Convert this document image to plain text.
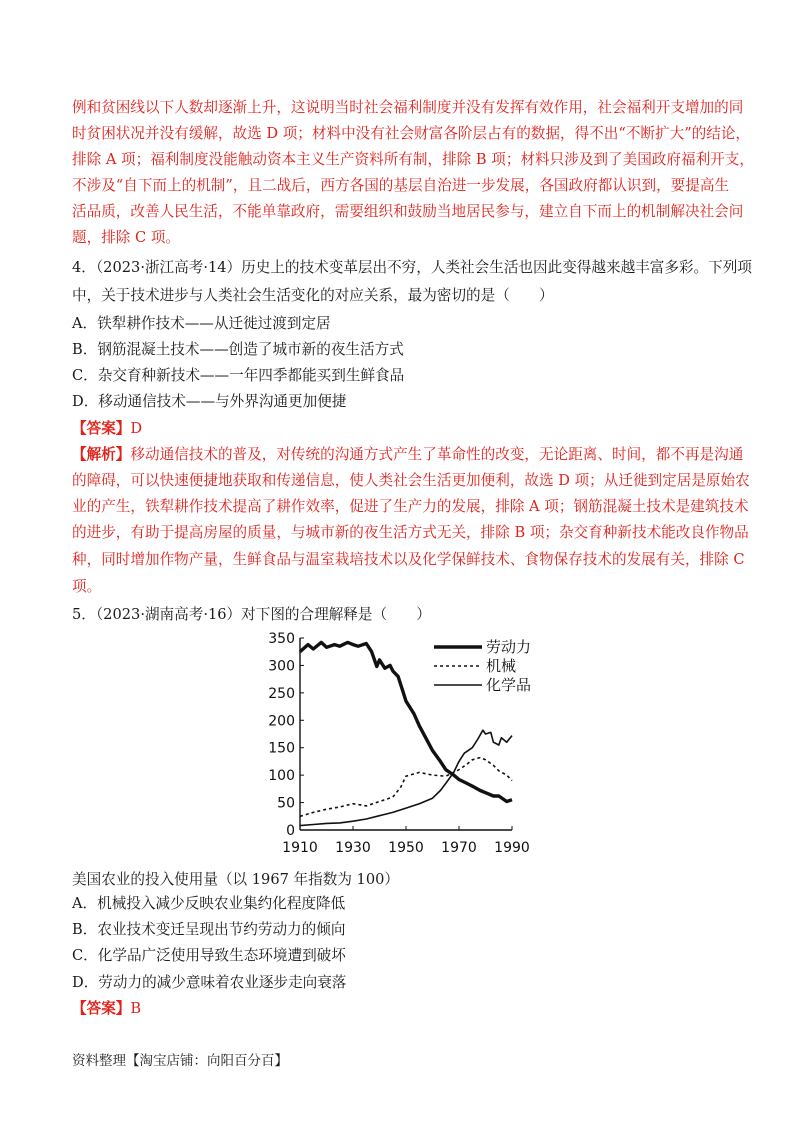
例和贫困线以下人数却逐渐上升，这说明当时社会福利制度并没有发挥有效作用，社会福利开支增加的同
时贫困状况并没有缓解，故选 D 项；材料中没有社会财富各阶层占有的数据，得不出“不断扩大”的结论，
排除 A 项；福利制度没能触动资本主义生产资料所有制，排除 B 项；材料只涉及到了美国政府福利开支，
不涉及“自下而上的机制”，且二战后，西方各国的基层自治进一步发展，各国政府都认识到，要提高生
活品质，改善人民生活，不能单靠政府，需要组织和鼓励当地居民参与，建立自下而上的机制解决社会问
题，排除 C 项。
4．（2023·浙江高考·14）历史上的技术变革层出不穷，人类社会生活也因此变得越来越丰富多彩。下列项
中，关于技术进步与人类社会生活变化的对应关系，最为密切的是（　　）
A．铁犁耕作技术——从迁徙过渡到定居
B．钢筋混凝土技术——创造了城市新的夜生活方式
C．杂交育种新技术——一年四季都能买到生鲜食品
D．移动通信技术——与外界沟通更加便捷
【答案】D
【解析】移动通信技术的普及，对传统的沟通方式产生了革命性的改变，无论距离、时间，都不再是沟通
的障碍，可以快速便捷地获取和传递信息，使人类社会生活更加便利，故选 D 项；从迁徙到定居是原始农
业的产生，铁犁耕作技术提高了耕作效率，促进了生产力的发展，排除 A 项；钢筋混凝土技术是建筑技术
的进步，有助于提高房屋的质量，与城市新的夜生活方式无关，排除 B 项；杂交育种新技术能改良作物品
种，同时增加作物产量，生鲜食品与温室栽培技术以及化学保鲜技术、食物保存技术的发展有关，排除 C
项。
5．（2023·湖南高考·16）对下图的合理解释是（　　）
0
50
100
150
200
250
300
350
1910 1930 1950 1970 1990
劳动力
机械
化学品
美国农业的投入使用量（以 1967 年指数为 100）
A．机械投入减少反映农业集约化程度降低
B．农业技术变迁呈现出节约劳动力的倾向
C．化学品广泛使用导致生态环境遭到破坏
D．劳动力的减少意味着农业逐步走向衰落
【答案】B
资料整理【淘宝店铺：向阳百分百】
